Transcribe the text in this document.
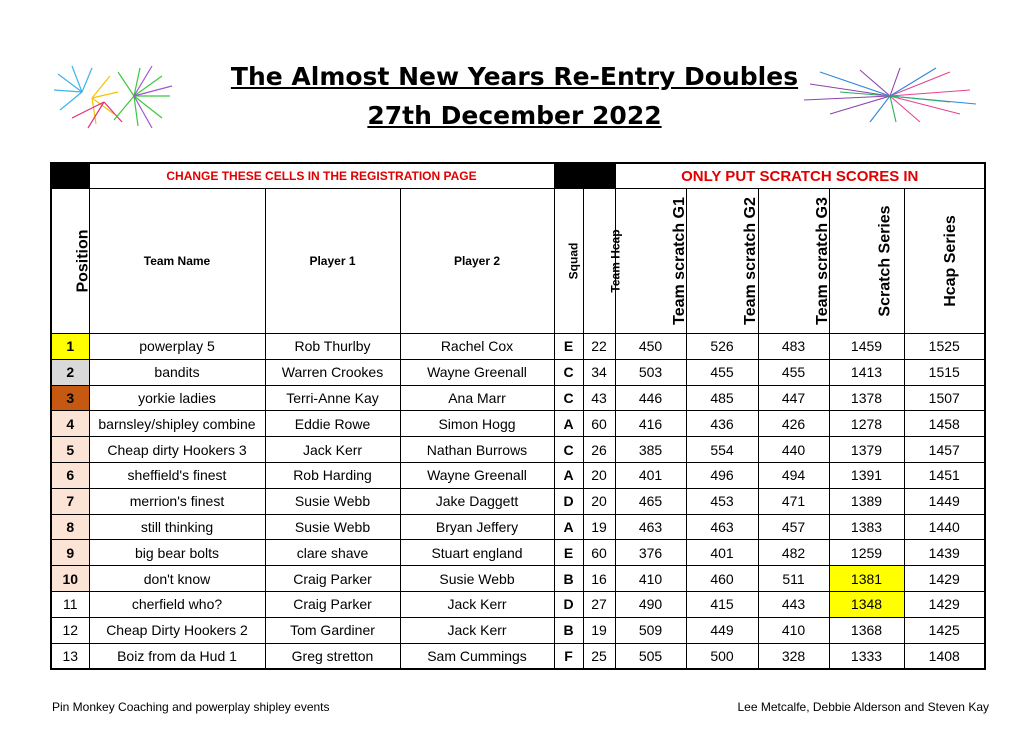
The Almost New Years Re-Entry Doubles
27th December 2022
	CHANGE THESE CELLS IN THE REGISTRATION PAGE					ONLY PUT SCRATCH SCORES IN				
Position	Team Name	Player 1	Player 2	Squad	Team Hcap	Team scratch G1	Team scratch G2	Team scratch G3	Scratch Series	Hcap Series
1	powerplay 5	Rob Thurlby	Rachel Cox	E	22	450	526	483	1459	1525
2	bandits	Warren Crookes	Wayne Greenall	C	34	503	455	455	1413	1515
3	yorkie ladies	Terri-Anne Kay	Ana Marr	C	43	446	485	447	1378	1507
4	barnsley/shipley combine	Eddie Rowe	Simon Hogg	A	60	416	436	426	1278	1458
5	Cheap dirty Hookers 3	Jack Kerr	Nathan Burrows	C	26	385	554	440	1379	1457
6	sheffield's finest	Rob Harding	Wayne Greenall	A	20	401	496	494	1391	1451
7	merrion's finest	Susie Webb	Jake Daggett	D	20	465	453	471	1389	1449
8	still thinking	Susie Webb	Bryan Jeffery	A	19	463	463	457	1383	1440
9	big bear bolts	clare shave	Stuart england	E	60	376	401	482	1259	1439
10	don't know	Craig Parker	Susie Webb	B	16	410	460	511	1381	1429
11	cherfield who?	Craig Parker	Jack Kerr	D	27	490	415	443	1348	1429
12	Cheap Dirty Hookers 2	Tom Gardiner	Jack Kerr	B	19	509	449	410	1368	1425
13	Boiz from da Hud 1	Greg stretton	Sam Cummings	F	25	505	500	328	1333	1408
Pin Monkey Coaching and powerplay shipley events	Lee Metcalfe, Debbie Alderson and Steven Kay
